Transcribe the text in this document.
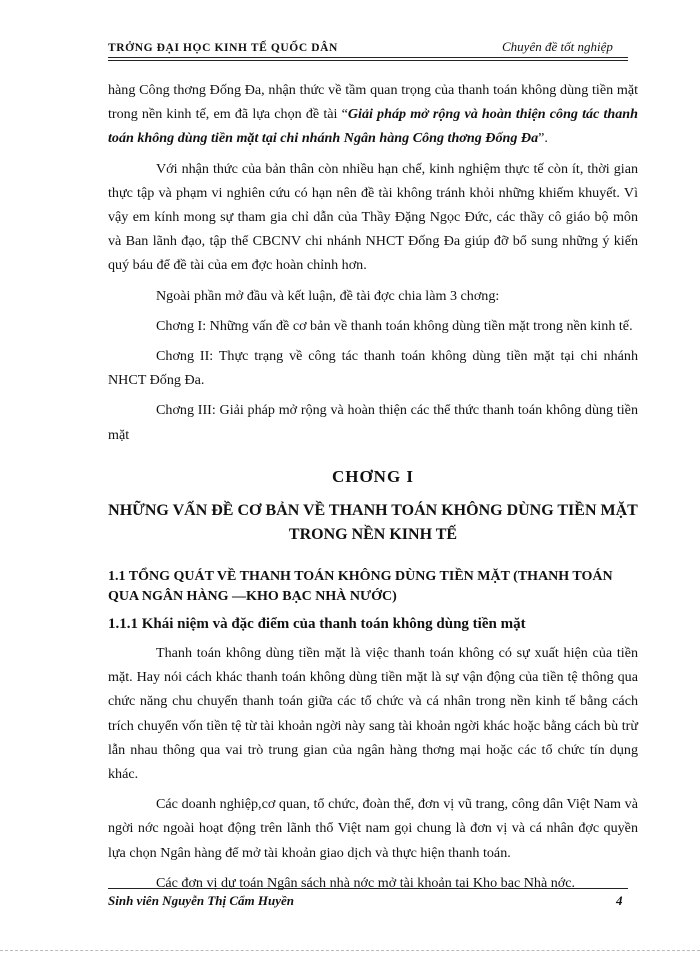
TRỞNG ĐẠI HỌC KINH TẾ QUỐC DÂN	Chuyên đề tốt nghiệp

hàng Công thơng Đống Đa, nhận thức về tầm quan trọng của thanh toán không dùng tiền mặt trong nền kinh tế, em đã lựa chọn đề tài “Giải pháp mở rộng và hoàn thiện công tác thanh toán không dùng tiền mặt tại chi nhánh Ngân hàng Công thơng Đống Đa”.

Với nhận thức của bản thân còn nhiều hạn chế, kinh nghiệm thực tế còn ít, thời gian thực tập và phạm vi nghiên cứu có hạn nên đề tài không tránh khỏi những khiếm khuyết. Vì vậy em kính mong sự tham gia chỉ dẫn của Thầy Đặng Ngọc Đức, các thầy cô giáo bộ môn và Ban lãnh đạo, tập thể CBCNV chi nhánh NHCT Đống Đa giúp đỡ bổ sung những ý kiến quý báu để đề tài của em đợc hoàn chỉnh hơn.

Ngoài phần mở đầu và kết luận, đề tài đợc chia làm 3 chơng:

Chơng I: Những vấn đề cơ bản về thanh toán không dùng tiền mặt trong nền kinh tế.

Chơng II: Thực trạng về công tác thanh toán không dùng tiền mặt tại chi nhánh NHCT Đống Đa.

Chơng III: Giải pháp mở rộng và hoàn thiện các thể thức thanh toán không dùng tiền mặt

CHƠNG I
NHỮNG VẤN ĐỀ CƠ BẢN VỀ THANH TOÁN KHÔNG DÙNG TIỀN MẶT TRONG NỀN KINH TẾ
1.1 TỔNG QUÁT VỀ THANH TOÁN KHÔNG DÙNG TIỀN MẶT (THANH TOÁN QUA NGÂN HÀNG —KHO BẠC NHÀ NƯỚC)
1.1.1 Khái niệm và đặc điểm của thanh toán không dùng tiền mặt

Thanh toán không dùng tiền mặt là việc thanh toán không có sự xuất hiện của tiền mặt. Hay nói cách khác thanh toán không dùng tiền mặt là sự vận động của tiền tệ thông qua chức năng chu chuyển thanh toán giữa các tổ chức và cá nhân trong nền kinh tế bằng cách trích chuyển vốn tiền tệ từ tài khoản ngời này sang tài khoản ngời khác hoặc bằng cách bù trừ lẫn nhau thông qua vai trò trung gian của ngân hàng thơng mại hoặc các tổ chức tín dụng khác.

Các doanh nghiệp,cơ quan, tổ chức, đoàn thể, đơn vị vũ trang, công dân Việt Nam và ngời nớc ngoài hoạt động trên lãnh thổ Việt nam gọi chung là đơn vị và cá nhân đợc quyền lựa chọn Ngân hàng để mở tài khoản giao dịch và thực hiện thanh toán.

Các đơn vị dự toán Ngân sách nhà nớc mở tài khoản tại Kho bạc Nhà nớc.

Sinh viên Nguyễn Thị Cẩm Huyền	4
